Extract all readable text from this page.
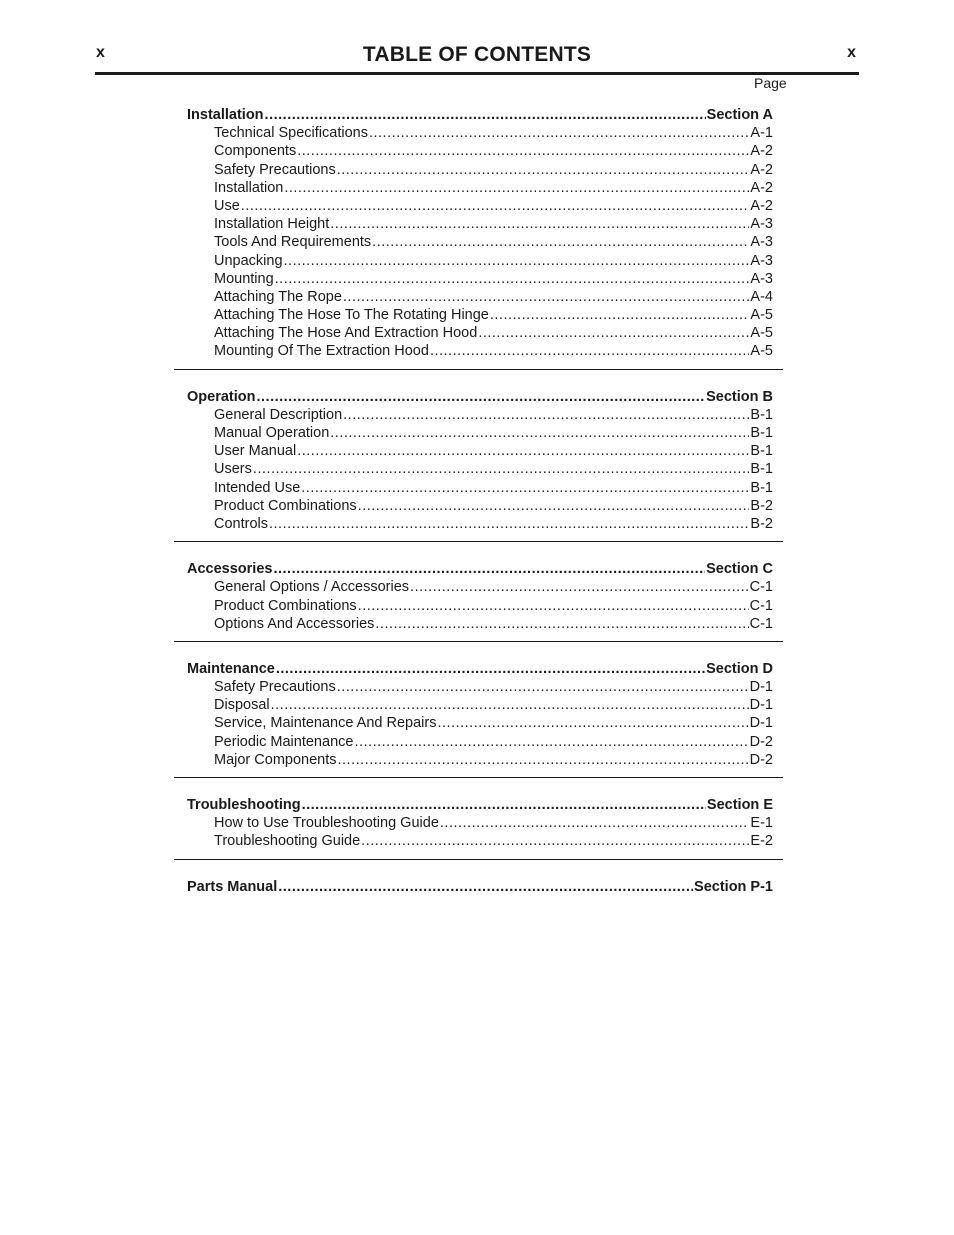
x	TABLE OF CONTENTS	x
Page
Installation .....	Section A
Technical Specifications .....	A-1
Components .....	A-2
Safety Precautions .....	A-2
Installation .....	A-2
Use .....	A-2
Installation Height .....	A-3
Tools And Requirements .....	A-3
Unpacking .....	A-3
Mounting .....	A-3
Attaching The Rope .....	A-4
Attaching The Hose To The Rotating Hinge .....	A-5
Attaching The Hose And Extraction Hood .....	A-5
Mounting Of The Extraction Hood .....	A-5
Operation .....	Section B
General Description .....	B-1
Manual Operation .....	B-1
User Manual .....	B-1
Users .....	B-1
Intended Use .....	B-1
Product Combinations .....	B-2
Controls .....	B-2
Accessories .....	Section C
General Options / Accessories .....	C-1
Product Combinations .....	C-1
Options And Accessories .....	C-1
Maintenance .....	Section D
Safety Precautions .....	D-1
Disposal .....	D-1
Service, Maintenance And Repairs .....	D-1
Periodic Maintenance .....	D-2
Major Components .....	D-2
Troubleshooting .....	Section E
How to Use Troubleshooting Guide .....	E-1
Troubleshooting Guide .....	E-2
Parts Manual .....	Section P-1
